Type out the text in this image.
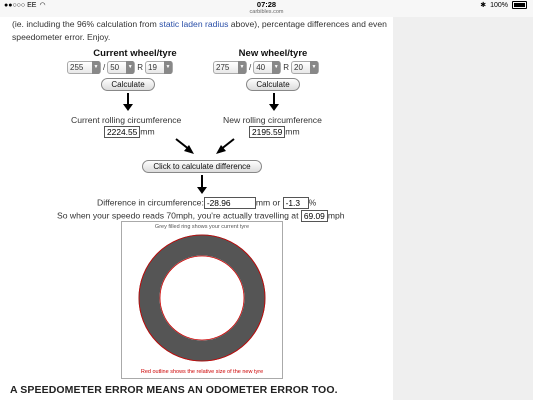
●●○○○ EE ◠	07:28
carbibles.com
✱ 100%
(ie. including the 96% calculation from static laden radius above), percentage differences and even speedometer error. Enjoy.
Current wheel/tyre
255	▼ / 50	▼ R 19	▼
Calculate
Current rolling circumference
2224.55 mm
New wheel/tyre
275	▼ / 40	▼ R 20	▼
Calculate
New rolling circumference
2195.59 mm
Click to calculate difference
Difference in circumference: -28.96	mm or -1.3 %
So when your speedo reads 70mph, you're actually travelling at 69.09 mph
Grey filled ring shows your current tyre
Red outline shows the relative size of the new tyre
A SPEEDOMETER ERROR MEANS AN ODOMETER ERROR TOO.
